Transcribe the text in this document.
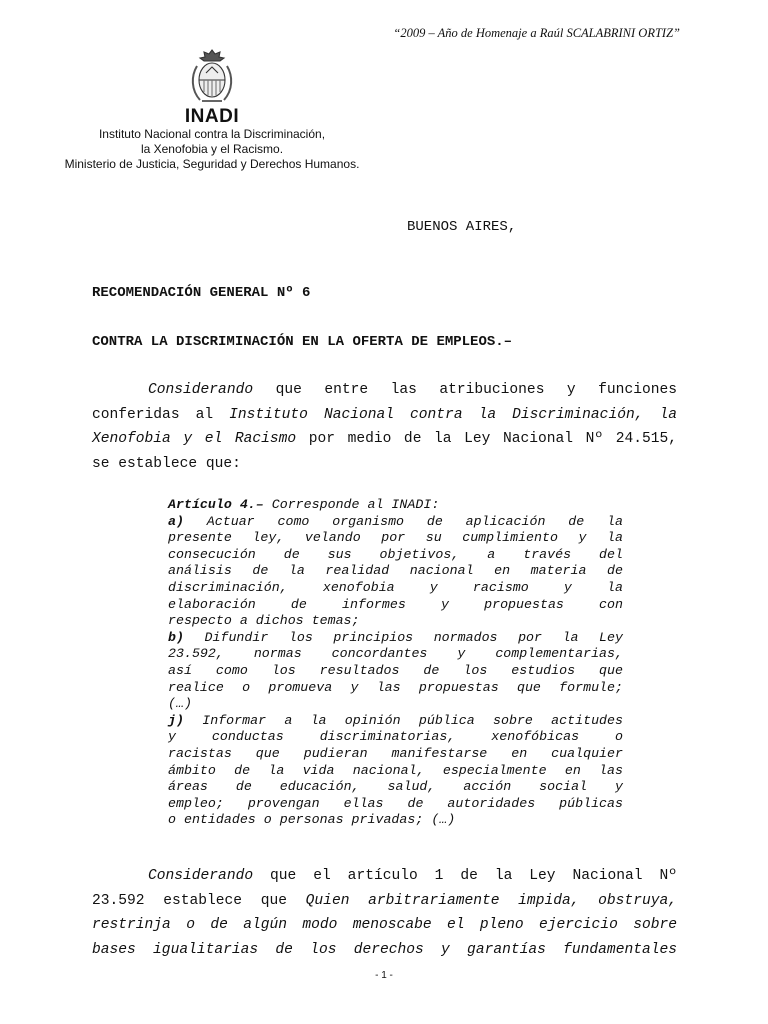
“2009 – Año de Homenaje a Raúl SCALABRINI ORTIZ”
INADI
Instituto Nacional contra la Discriminación,
la Xenofobia y el Racismo.
Ministerio de Justicia, Seguridad y Derechos Humanos.
BUENOS AIRES,
RECOMENDACIÓN GENERAL Nº 6
CONTRA LA DISCRIMINACIÓN EN LA OFERTA DE EMPLEOS.–
Considerando que entre las atribuciones y funciones
conferidas al Instituto Nacional contra la Discriminación, la
Xenofobia y el Racismo por medio de la Ley Nacional Nº 24.515,
se establece que:
Artículo 4.– Corresponde al INADI:
a) Actuar como organismo de aplicación de la
presente ley, velando por su cumplimiento y la
consecución de sus objetivos, a través del
análisis de la realidad nacional en materia de
discriminación, xenofobia y racismo y la
elaboración de informes y propuestas con
respecto a dichos temas;
b) Difundir los principios normados por la Ley
23.592, normas concordantes y complementarias,
así como los resultados de los estudios que
realice o promueva y las propuestas que formule;
(…)
j) Informar a la opinión pública sobre actitudes
y conductas discriminatorias, xenofóbicas o
racistas que pudieran manifestarse en cualquier
ámbito de la vida nacional, especialmente en las
áreas de educación, salud, acción social y
empleo; provengan ellas de autoridades públicas
o entidades o personas privadas; (…)
Considerando que el artículo 1 de la Ley Nacional Nº
23.592 establece que Quien arbitrariamente impida, obstruya,
restrinja o de algún modo menoscabe el pleno ejercicio sobre
bases igualitarias de los derechos y garantías fundamentales
- 1 -
